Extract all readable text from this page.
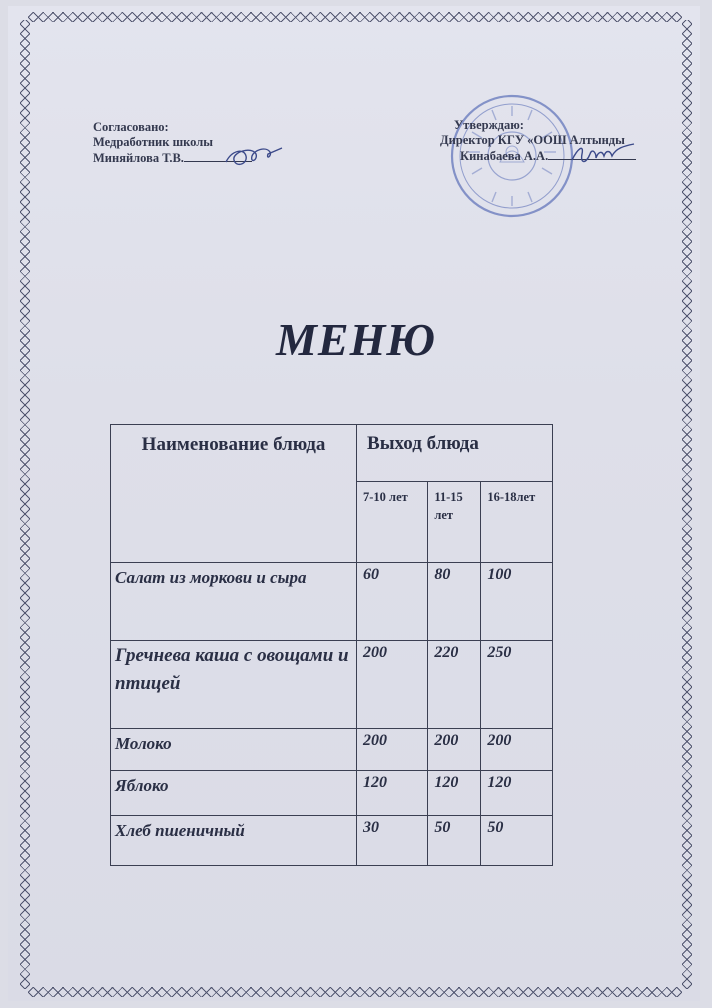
Согласовано:
Медработник школы
Миняйлова Т.В.
Утверждаю:
Директор КГУ «ООШ Алтынды
Кинабаева А.А.
МЕНЮ
Наименование блюда	Выход блюда		
	7-10 лет	11-15 лет	16-18лет
Салат из моркови и сыра	60	80	100
Гречнева каша с овощами и птицей	200	220	250
Молоко	200	200	200
Яблоко	120	120	120
Хлеб пшеничный	30	50	50
